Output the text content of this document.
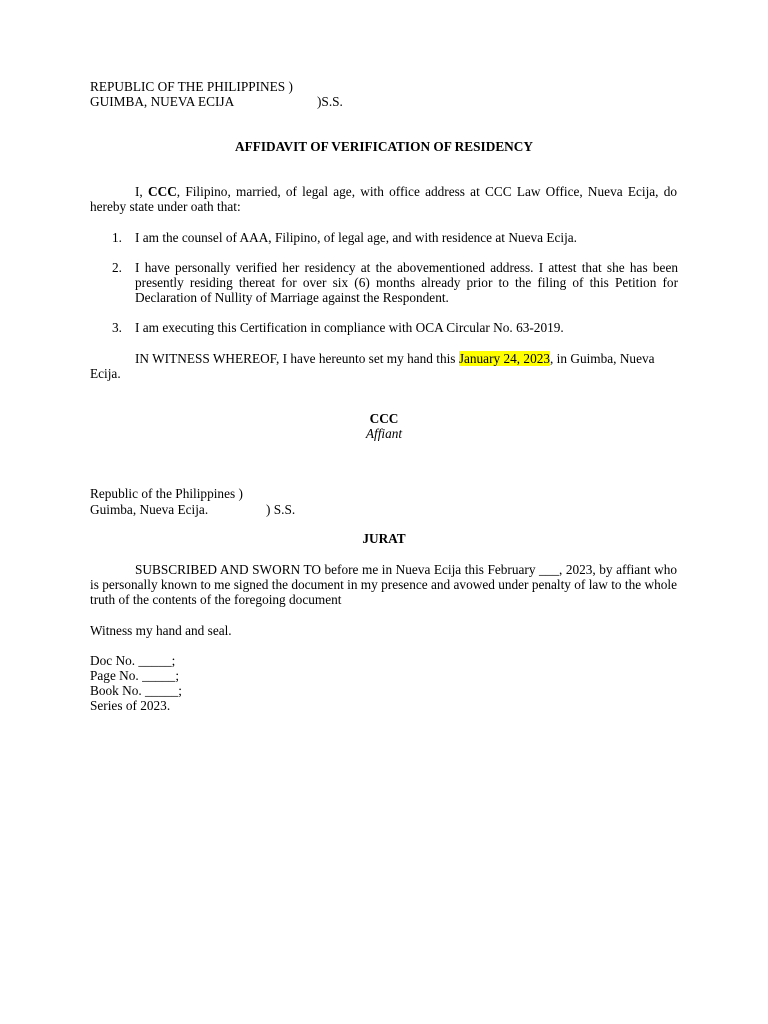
REPUBLIC OF THE PHILIPPINES )
GUIMBA, NUEVA ECIJA	)S.S.
AFFIDAVIT OF VERIFICATION OF RESIDENCY
I, CCC, Filipino, married, of legal age, with office address at CCC Law Office, Nueva Ecija, do hereby state under oath that:
1. I am the counsel of AAA, Filipino, of legal age, and with residence at Nueva Ecija.
2. I have personally verified her residency at the abovementioned address. I attest that she has been presently residing thereat for over six (6) months already prior to the filing of this Petition for Declaration of Nullity of Marriage against the Respondent.
3. I am executing this Certification in compliance with OCA Circular No. 63-2019.
IN WITNESS WHEREOF, I have hereunto set my hand this January 24, 2023, in Guimba, Nueva Ecija.
CCC
Affiant
Republic of the Philippines )
Guimba, Nueva Ecija.	) S.S.
JURAT
SUBSCRIBED AND SWORN TO before me in Nueva Ecija this February ___, 2023, by affiant who is personally known to me signed the document in my presence and avowed under penalty of law to the whole truth of the contents of the foregoing document
Witness my hand and seal.
Doc No. _____;
Page No. _____;
Book No. _____;
Series of 2023.
